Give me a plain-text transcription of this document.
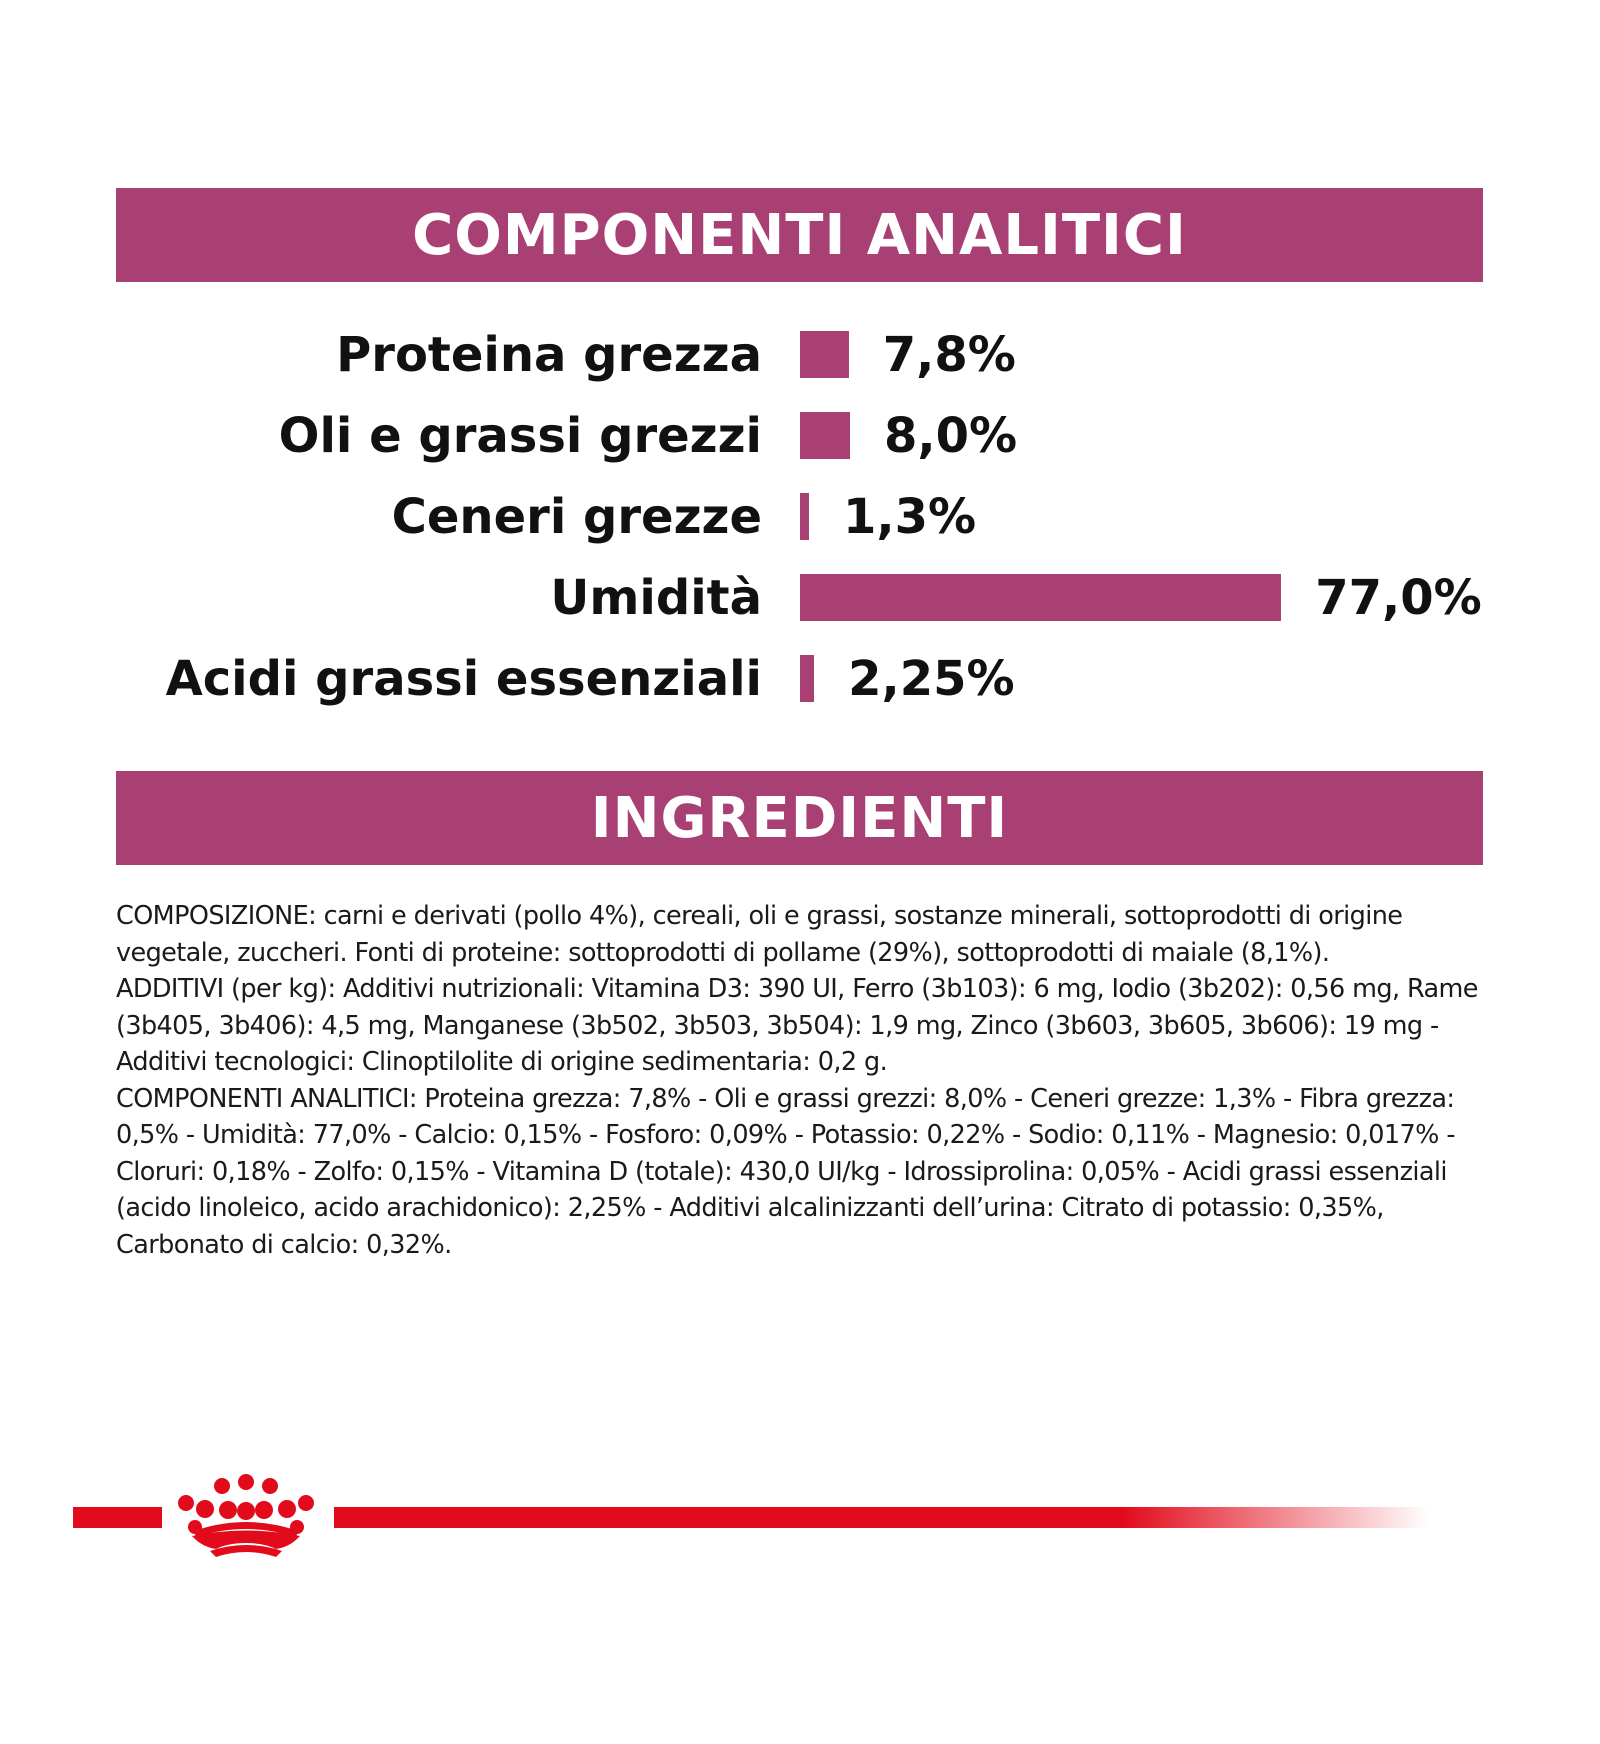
COMPONENTI ANALITICI
Proteina grezza	7,8%
Oli e grassi grezzi	8,0%
Ceneri grezze 1,3%
Umidità	77,0%
Acidi grassi essenziali 2,25%
INGREDIENTI

COMPOSIZIONE: carni e derivati (pollo 4%), cereali, oli e grassi, sostanze minerali, sottoprodotti di origine vegetale, zuccheri. Fonti di proteine: sottoprodotti di pollame (29%), sottoprodotti di maiale (8,1%).

ADDITIVI (per kg): Additivi nutrizionali: Vitamina D3: 390 UI, Ferro (3b103): 6 mg, Iodio (3b202): 0,56 mg, Rame (3b405, 3b406): 4,5 mg, Manganese (3b502, 3b503, 3b504): 1,9 mg, Zinco (3b603, 3b605, 3b606): 19 mg - Additivi tecnologici: Clinoptilolite di origine sedimentaria: 0,2 g.

COMPONENTI ANALITICI: Proteina grezza: 7,8% - Oli e grassi grezzi: 8,0% - Ceneri grezze: 1,3% - Fibra grezza: 0,5% - Umidità: 77,0% - Calcio: 0,15% - Fosforo: 0,09% - Potassio: 0,22% - Sodio: 0,11% - Magnesio: 0,017% - Cloruri: 0,18% - Zolfo: 0,15% - Vitamina D (totale): 430,0 UI/kg - Idrossiprolina: 0,05% - Acidi grassi essenziali (acido linoleico, acido arachidonico): 2,25% - Additivi alcalinizzanti dell’urina: Citrato di potassio: 0,35%, Carbonato di calcio: 0,32%.
